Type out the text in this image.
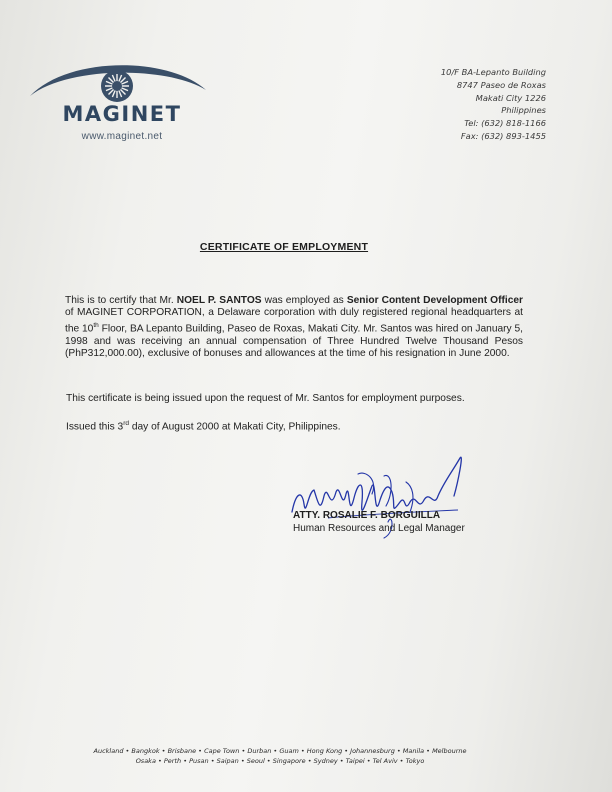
MAGINET
www.maginet.net
10/F BA-Lepanto Building
8747 Paseo de Roxas
Makati City 1226
Philippines
Tel: (632) 818-1166
Fax: (632) 893-1455
CERTIFICATE OF EMPLOYMENT
This is to certify that Mr. NOEL P. SANTOS was employed as Senior Content Development Officer of MAGINET CORPORATION, a Delaware corporation with duly registered regional headquarters at the 10th Floor, BA Lepanto Building, Paseo de Roxas, Makati City. Mr. Santos was hired on January 5, 1998 and was receiving an annual compensation of Three Hundred Twelve Thousand Pesos (PhP312,000.00), exclusive of bonuses and allowances at the time of his resignation in June 2000.
This certificate is being issued upon the request of Mr. Santos for employment purposes.
Issued this 3rd day of August 2000 at Makati City, Philippines.
ATTY. ROSALIE F. BORGUILLA
Human Resources and Legal Manager
Auckland • Bangkok • Brisbane • Cape Town • Durban • Guam • Hong Kong • Johannesburg • Manila • Melbourne
Osaka • Perth • Pusan • Saipan • Seoul • Singapore • Sydney • Taipei • Tel Aviv • Tokyo
